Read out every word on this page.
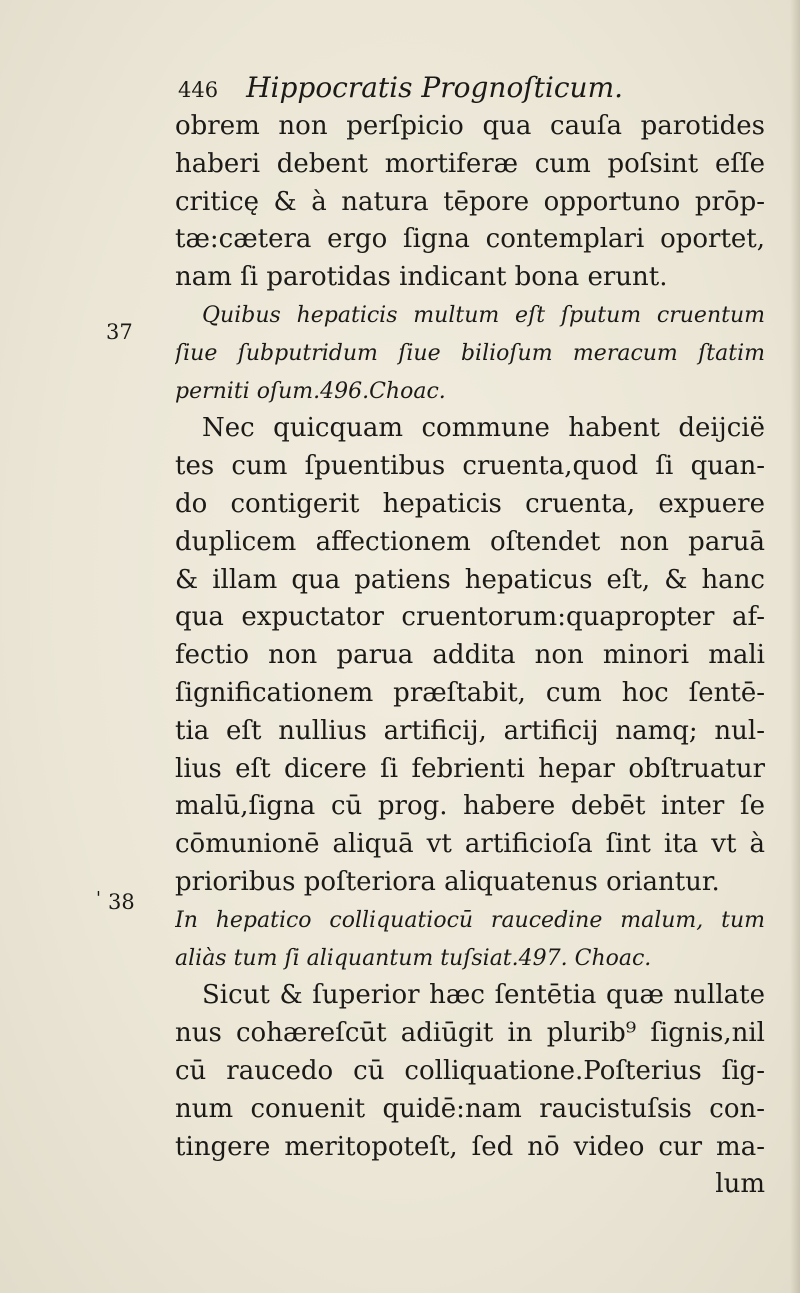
446 Hippocratis Prognoſticum.
37
' 38
obrem non perſpicio qua cauſa parotides
haberi debent mortiferæ cum poſsint eſſe
criticę & à natura tēpore opportuno prōp-
tæ:cætera ergo ſigna contemplari oportet,
nam ſi parotidas indicant bona erunt.
Quibus hepaticis multum eſt ſputum cruentum
ſiue ſubputridum ſiue bilioſum meracum ſtatim
perniti oſum.496.Choac.
Nec quicquam commune habent deijcië
tes cum ſpuentibus cruenta,quod ſi quan-
do contigerit hepaticis cruenta, expuere
duplicem affectionem oſtendet non paruā
& illam qua patiens hepaticus eſt, & hanc
qua expuctator cruentorum:quapropter af-
fectio non parua addita non minori mali
ſignificationem præſtabit, cum hoc ſentē-
tia eſt nullius artificij, artificij namq; nul-
lius eſt dicere ſi febrienti hepar obſtruatur
malū,ſigna cū prog. habere debēt inter ſe
cōmunionē aliquā vt artificioſa ſint ita vt à
prioribus poſteriora aliquatenus oriantur.
In hepatico colliquatiocū raucedine malum, tum
aliàs tum ſi aliquantum tuſsiat.497. Choac.
Sicut & ſuperior hæc ſentētia quæ nullate
nus cohæreſcūt adiūgit in plurib⁹ ſignis,nil
cū raucedo cū colliquatione.Poſterius ſig-
num conuenit quidē:nam raucistuſsis con-
tingere meritopoteſt, ſed nō video cur ma-
lum
